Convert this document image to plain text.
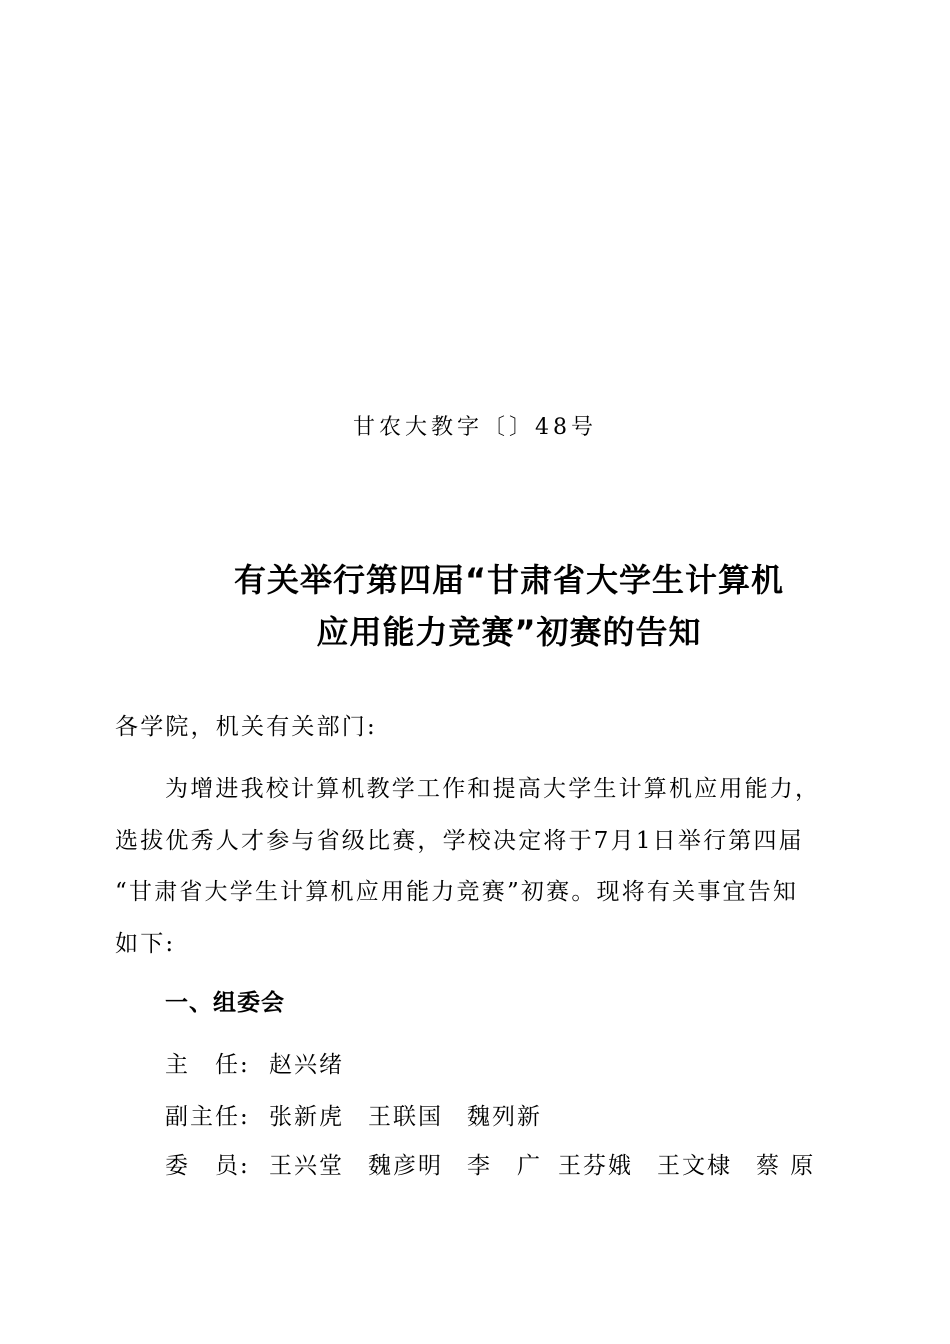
甘农大教字〔〕48号
有关举行第四届“甘肃省大学生计算机
应用能力竞赛”初赛的告知
各学院，机关有关部门:
为增进我校计算机教学工作和提高大学生计算机应用能力，
选拔优秀人才参与省级比赛，学校决定将于7月1日举行第四届
“甘肃省大学生计算机应用能力竞赛”初赛。现将有关事宜告知
如下:
一、组委会
主　任: 赵兴绪
副主任: 张新虎 王联国 魏列新
委　员: 王兴堂 魏彦明 李　广 王芬娥 王文棣 蔡 原
